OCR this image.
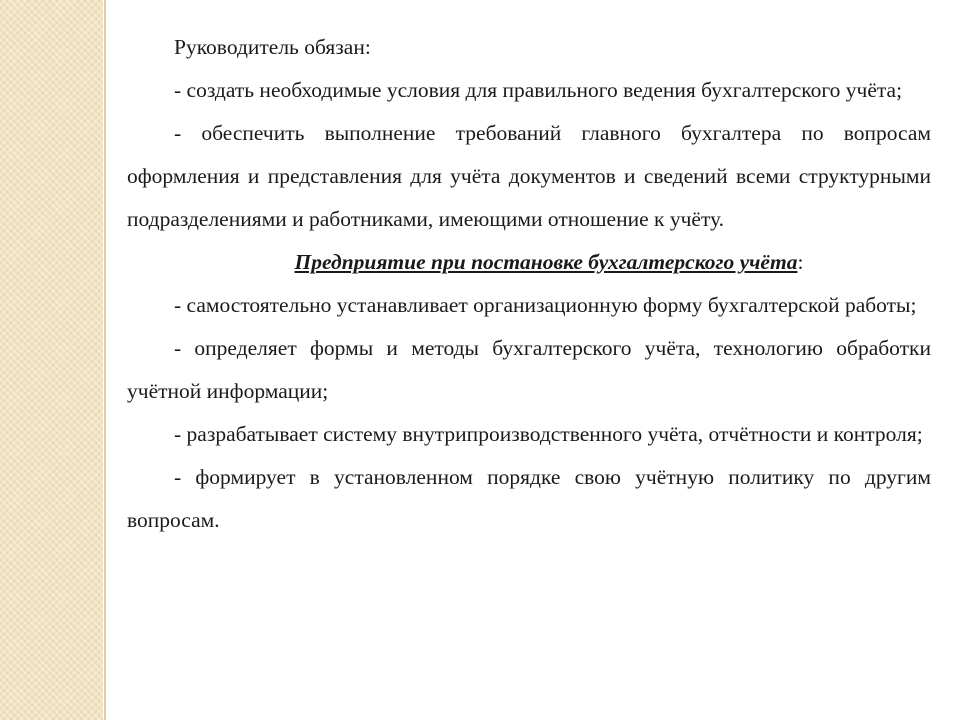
Руководитель обязан:

- создать необходимые условия для правильного ведения бухгалтерского учёта;

- обеспечить выполнение требований главного бухгалтера по вопросам оформления и представления для учёта документов и сведений всеми структурными подразделениями и работниками, имеющими отношение к учёту.

Предприятие при постановке бухгалтерского учёта:

- самостоятельно устанавливает организационную форму бухгалтерской работы;

- определяет формы и методы бухгалтерского учёта, технологию обработки учётной информации;

- разрабатывает систему внутрипроизводственного учёта, отчётности и контроля;

- формирует в установленном порядке свою учётную политику по другим вопросам.
